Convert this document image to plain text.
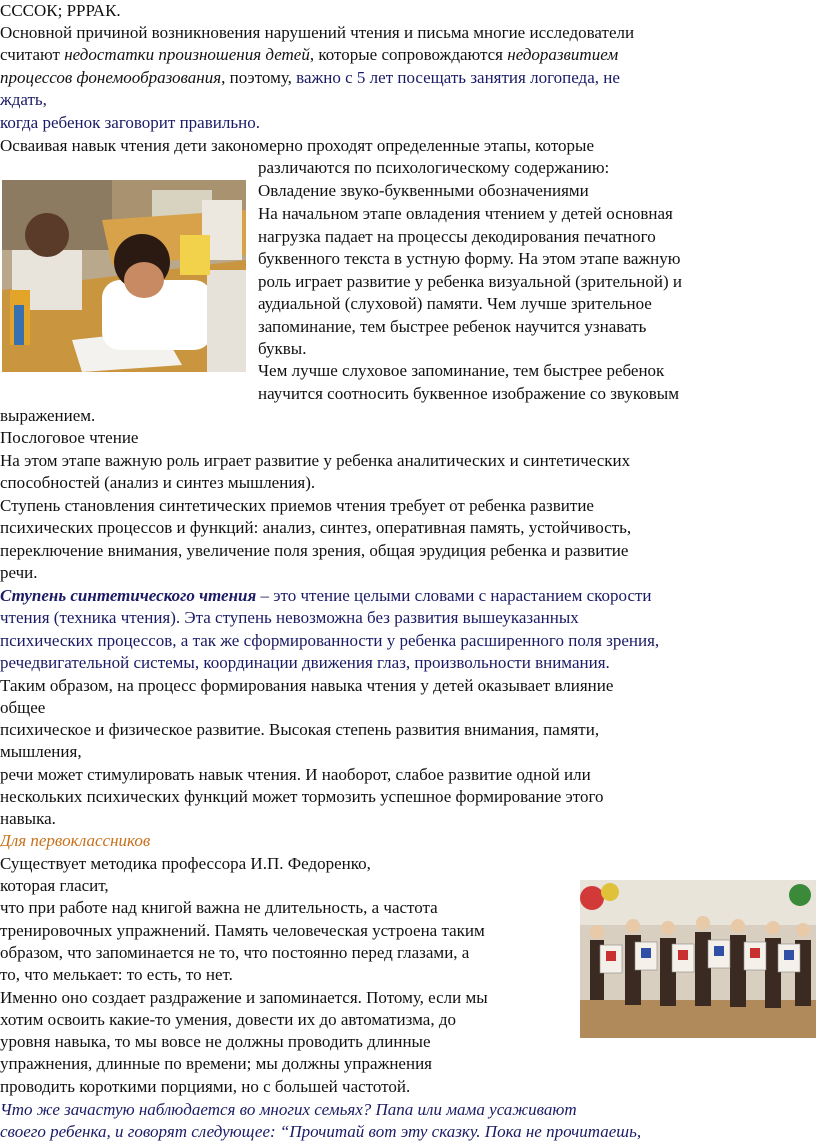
СССОК; РРРАК.
Основной причиной возникновения нарушений чтения и письма многие исследователи
считают недостатки произношения детей, которые сопровождаются недоразвитием
процессов фонемообразования, поэтому, важно с 5 лет посещать занятия логопеда, не
ждать,
когда ребенок заговорит правильно.
Осваивая навык чтения дети закономерно проходят определенные этапы, которые
различаются по психологическому содержанию:
Овладение звуко-буквенными обозначениями
На начальном этапе овладения чтением у детей основная
нагрузка падает на процессы декодирования печатного
буквенного текста в устную форму. На этом этапе важную
роль играет развитие у ребенка визуальной (зрительной) и
аудиальной (слуховой) памяти. Чем лучше зрительное
запоминание, тем быстрее ребенок научится узнавать
буквы.
Чем лучше слуховое запоминание, тем быстрее ребенок
научится соотносить буквенное изображение со звуковым
выражением.
Послоговое чтение
На этом этапе важную роль играет развитие у ребенка аналитических и синтетических
способностей (анализ и синтез мышления).
Ступень становления синтетических приемов чтения требует от ребенка развитие
психических процессов и функций: анализ, синтез, оперативная память, устойчивость,
переключение внимания, увеличение поля зрения, общая эрудиция ребенка и развитие
речи.
Ступень синтетического чтения – это чтение целыми словами с нарастанием скорости
чтения (техника чтения). Эта ступень невозможна без развития вышеуказанных
психических процессов, а так же сформированности у ребенка расширенного поля зрения,
речедвигательной системы, координации движения глаз, произвольности внимания.
Таким образом, на процесс формирования навыка чтения у детей оказывает влияние
общее
психическое и физическое развитие. Высокая степень развития внимания, памяти,
мышления,
речи может стимулировать навык чтения. И наоборот, слабое развитие одной или
нескольких психических функций может тормозить успешное формирование этого
навыка.
Для первоклассников
Существует методика профессора И.П. Федоренко,
которая гласит,
что при работе над книгой важна не длительность, а частота
тренировочных упражнений. Память человеческая устроена таким
образом, что запоминается не то, что постоянно перед глазами, а
то, что мелькает: то есть, то нет.
Именно оно создает раздражение и запоминается. Потому, если мы
хотим освоить какие-то умения, довести их до автоматизма, до
уровня навыка, то мы вовсе не должны проводить длинные
упражнения, длинные по времени; мы должны упражнения
проводить короткими порциями, но с большей частотой.
Что же зачастую наблюдается во многих семьях? Папа или мама усаживают
своего ребенка, и говорят следующее: “Прочитай вот эту сказку. Пока не прочитаешь,
